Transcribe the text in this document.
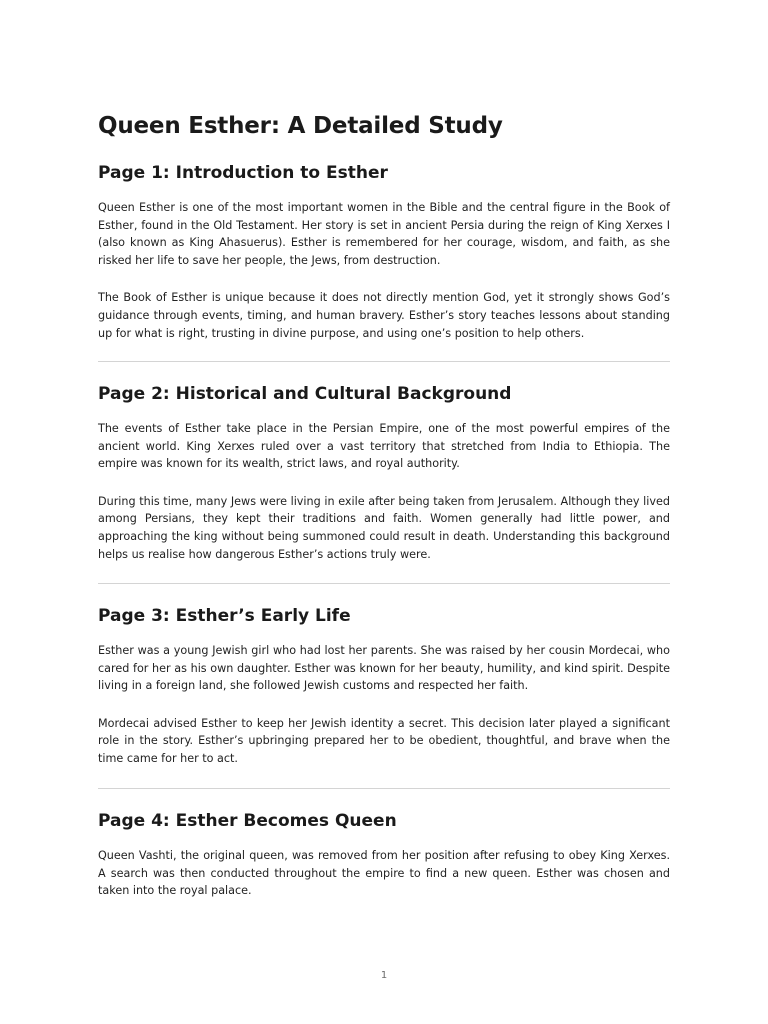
Queen Esther: A Detailed Study
Page 1: Introduction to Esther

Queen Esther is one of the most important women in the Bible and the central figure in the Book of Esther, found in the Old Testament. Her story is set in ancient Persia during the reign of King Xerxes I (also known as King Ahasuerus). Esther is remembered for her courage, wisdom, and faith, as she risked her life to save her people, the Jews, from destruction.

The Book of Esther is unique because it does not directly mention God, yet it strongly shows God’s guidance through events, timing, and human bravery. Esther’s story teaches lessons about standing up for what is right, trusting in divine purpose, and using one’s position to help others.

Page 2: Historical and Cultural Background

The events of Esther take place in the Persian Empire, one of the most powerful empires of the ancient world. King Xerxes ruled over a vast territory that stretched from India to Ethiopia. The empire was known for its wealth, strict laws, and royal authority.

During this time, many Jews were living in exile after being taken from Jerusalem. Although they lived among Persians, they kept their traditions and faith. Women generally had little power, and approaching the king without being summoned could result in death. Understanding this background helps us realise how dangerous Esther’s actions truly were.

Page 3: Esther’s Early Life

Esther was a young Jewish girl who had lost her parents. She was raised by her cousin Mordecai, who cared for her as his own daughter. Esther was known for her beauty, humility, and kind spirit. Despite living in a foreign land, she followed Jewish customs and respected her faith.

Mordecai advised Esther to keep her Jewish identity a secret. This decision later played a significant role in the story. Esther’s upbringing prepared her to be obedient, thoughtful, and brave when the time came for her to act.

Page 4: Esther Becomes Queen

Queen Vashti, the original queen, was removed from her position after refusing to obey King Xerxes. A search was then conducted throughout the empire to find a new queen. Esther was chosen and taken into the royal palace.

1
